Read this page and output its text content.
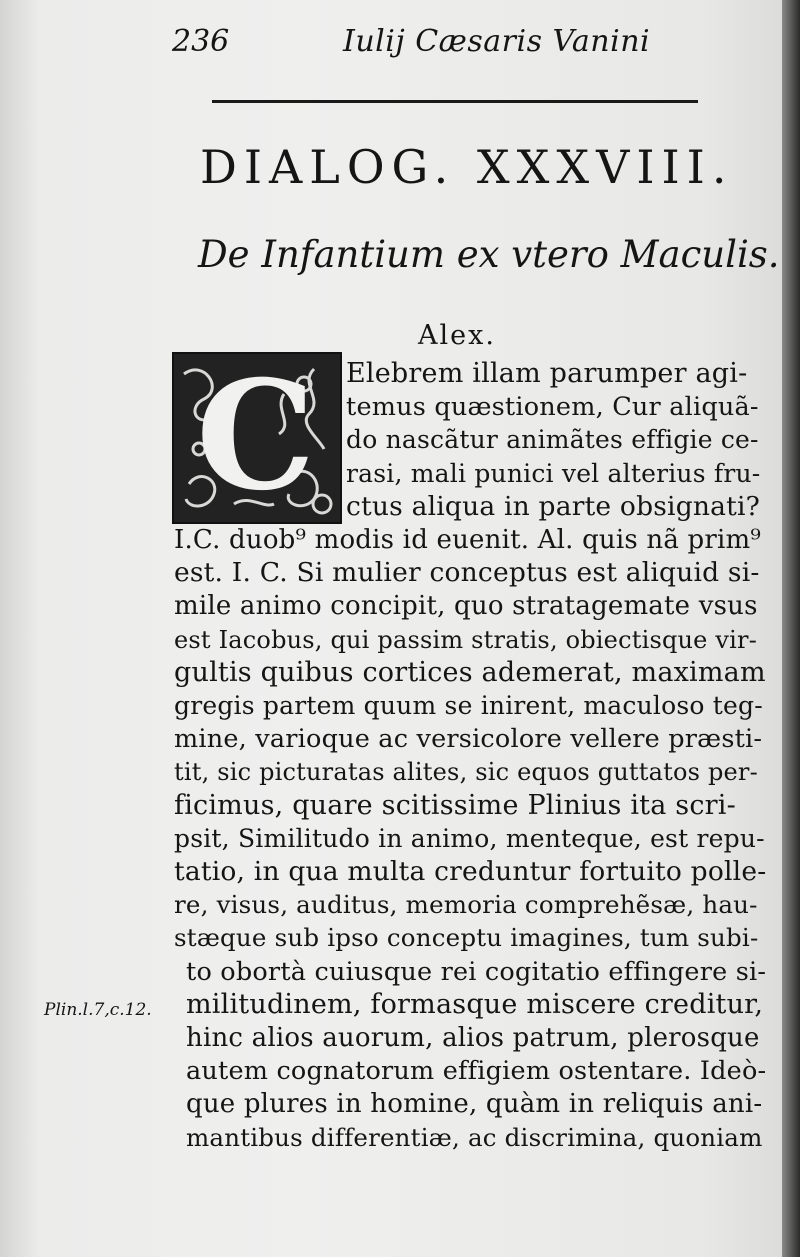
236	Iulij Cæsaris Vanini
DIALOG. XXXVIII.
De Infantium ex vtero Maculis.
Alex.
C Elebrem illam parumper agi-
temus quæstionem, Cur aliquã-
do nascãtur animãtes effigie ce-
rasi, mali punici vel alterius fru-
ctus aliqua in parte obsignati?
I.C. duob⁹ modis id euenit. Al. quis nã prim⁹
est. I. C. Si mulier conceptus est aliquid si-
mile animo concipit, quo stratagemate vsus
est Iacobus, qui passim stratis, obiectisque vir-
gultis quibus cortices ademerat, maximam
gregis partem quum se inirent, maculoso teg-
mine, varioque ac versicolore vellere præsti-
tit, sic picturatas alites, sic equos guttatos per-
ficimus, quare scitissime Plinius ita scri-
psit, Similitudo in animo, menteque, est repu-
tatio, in qua multa creduntur fortuito polle-
re, visus, auditus, memoria comprehẽsæ, hau-
stæque sub ipso conceptu imagines, tum subi-
to obortà cuiusque rei cogitatio effingere si-
militudinem, formasque miscere creditur,
hinc alios auorum, alios patrum, plerosque
autem cognatorum effigiem ostentare. Ideò-
que plures in homine, quàm in reliquis ani-
mantibus differentiæ, ac discrimina, quoniam
Plin.l.7,c.12.
